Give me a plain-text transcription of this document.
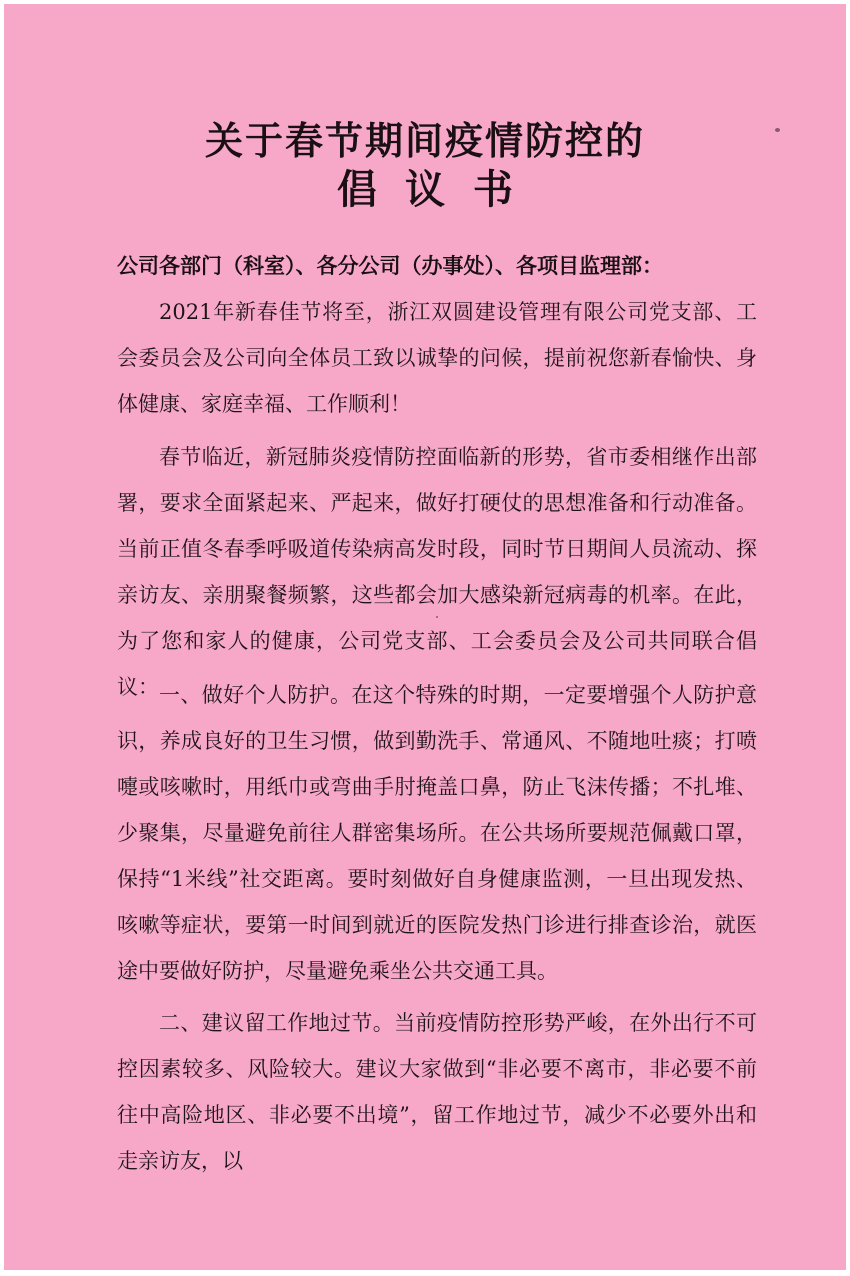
关于春节期间疫情防控的
倡议书

公司各部门（科室）、各分公司（办事处）、各项目监理部：

2021年新春佳节将至，浙江双圆建设管理有限公司党支部、工会委员会及公司向全体员工致以诚挚的问候，提前祝您新春愉快、身体健康、家庭幸福、工作顺利！

春节临近，新冠肺炎疫情防控面临新的形势，省市委相继作出部署，要求全面紧起来、严起来，做好打硬仗的思想准备和行动准备。当前正值冬春季呼吸道传染病高发时段，同时节日期间人员流动、探亲访友、亲朋聚餐频繁，这些都会加大感染新冠病毒的机率。在此，为了您和家人的健康，公司党支部、工会委员会及公司共同联合倡议： 一、做好个人防护。在这个特殊的时期，一定要增强个人防护意识，养成良好的卫生习惯，做到勤洗手、常通风、不随地吐痰；打喷嚏或咳嗽时，用纸巾或弯曲手肘掩盖口鼻，防止飞沫传播；不扎堆、少聚集，尽量避免前往人群密集场所。在公共场所要规范佩戴口罩，保持“1米线”社交距离。要时刻做好自身健康监测，一旦出现发热、咳嗽等症状，要第一时间到就近的医院发热门诊进行排查诊治，就医途中要做好防护，尽量避免乘坐公共交通工具。

二、建议留工作地过节。当前疫情防控形势严峻，在外出行不可控因素较多、风险较大。建议大家做到“非必要不离市，非必要不前往中高险地区、非必要不出境”，留工作地过节，减少不必要外出和走亲访友，以
